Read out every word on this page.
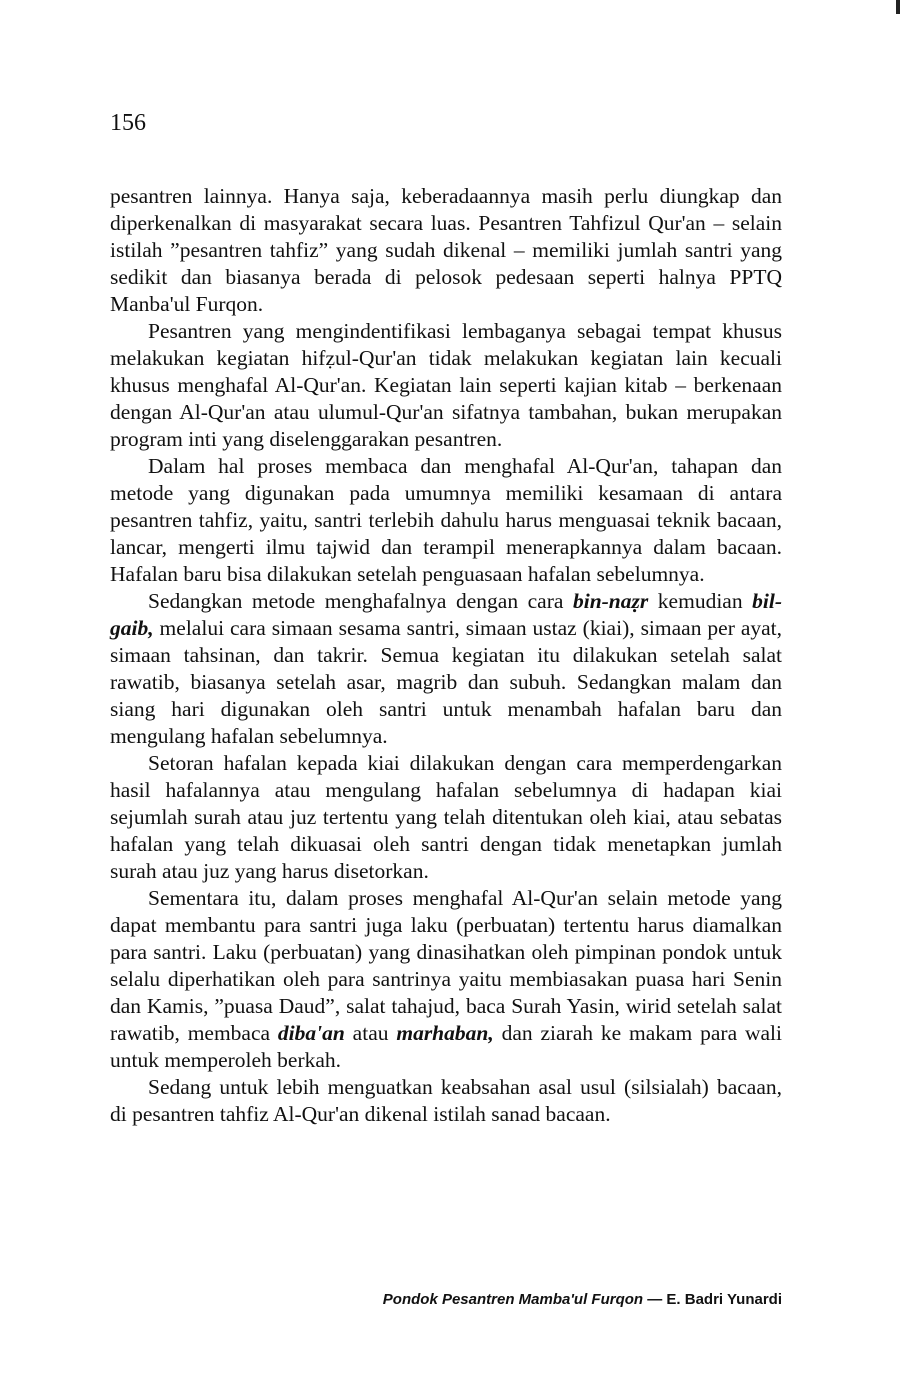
156

pesantren lainnya. Hanya saja, keberadaannya masih perlu diungkap dan diperkenalkan di masyarakat secara luas. Pesantren Tahfizul Qur'an – selain istilah ”pesantren tahfiz” yang sudah dikenal – memiliki jumlah santri yang sedikit dan biasanya berada di pelosok pedesaan seperti halnya PPTQ Manba'ul Furqon.

Pesantren yang mengindentifikasi lembaganya sebagai tempat khusus melakukan kegiatan hifẓul-Qur'an tidak melakukan kegiatan lain kecuali khusus menghafal Al-Qur'an. Kegiatan lain seperti kajian kitab – berkenaan dengan Al-Qur'an atau ulumul-Qur'an sifatnya tambahan, bukan merupakan program inti yang diselenggarakan pesantren.

Dalam hal proses membaca dan menghafal Al-Qur'an, tahapan dan metode yang digunakan pada umumnya memiliki kesamaan di antara pesantren tahfiz, yaitu, santri terlebih dahulu harus menguasai teknik bacaan, lancar, mengerti ilmu tajwid dan terampil menerapkannya dalam bacaan. Hafalan baru bisa dilakukan setelah penguasaan hafalan sebelumnya.

Sedangkan metode menghafalnya dengan cara bin-naẓr kemudian bil-gaib, melalui cara simaan sesama santri, simaan ustaz (kiai), simaan per ayat, simaan tahsinan, dan takrir. Semua kegiatan itu dilakukan setelah salat rawatib, biasanya setelah asar, magrib dan subuh. Sedangkan malam dan siang hari digunakan oleh santri untuk menambah hafalan baru dan mengulang hafalan sebelumnya.

Setoran hafalan kepada kiai dilakukan dengan cara memperdengarkan hasil hafalannya atau mengulang hafalan sebelumnya di hadapan kiai sejumlah surah atau juz tertentu yang telah ditentukan oleh kiai, atau sebatas hafalan yang telah dikuasai oleh santri dengan tidak menetapkan jumlah surah atau juz yang harus disetorkan.

Sementara itu, dalam proses menghafal Al-Qur'an selain metode yang dapat membantu para santri juga laku (perbuatan) tertentu harus diamalkan para santri. Laku (perbuatan) yang dinasihatkan oleh pimpinan pondok untuk selalu diperhatikan oleh para santrinya yaitu membiasakan puasa hari Senin dan Kamis, ”puasa Daud”, salat tahajud, baca Surah Yasin, wirid setelah salat rawatib, membaca diba'an atau marhaban, dan ziarah ke makam para wali untuk memperoleh berkah.

Sedang untuk lebih menguatkan keabsahan asal usul (silsialah) bacaan, di pesantren tahfiz Al-Qur'an dikenal istilah sanad bacaan.

Pondok Pesantren Mamba'ul Furqon — E. Badri Yunardi
